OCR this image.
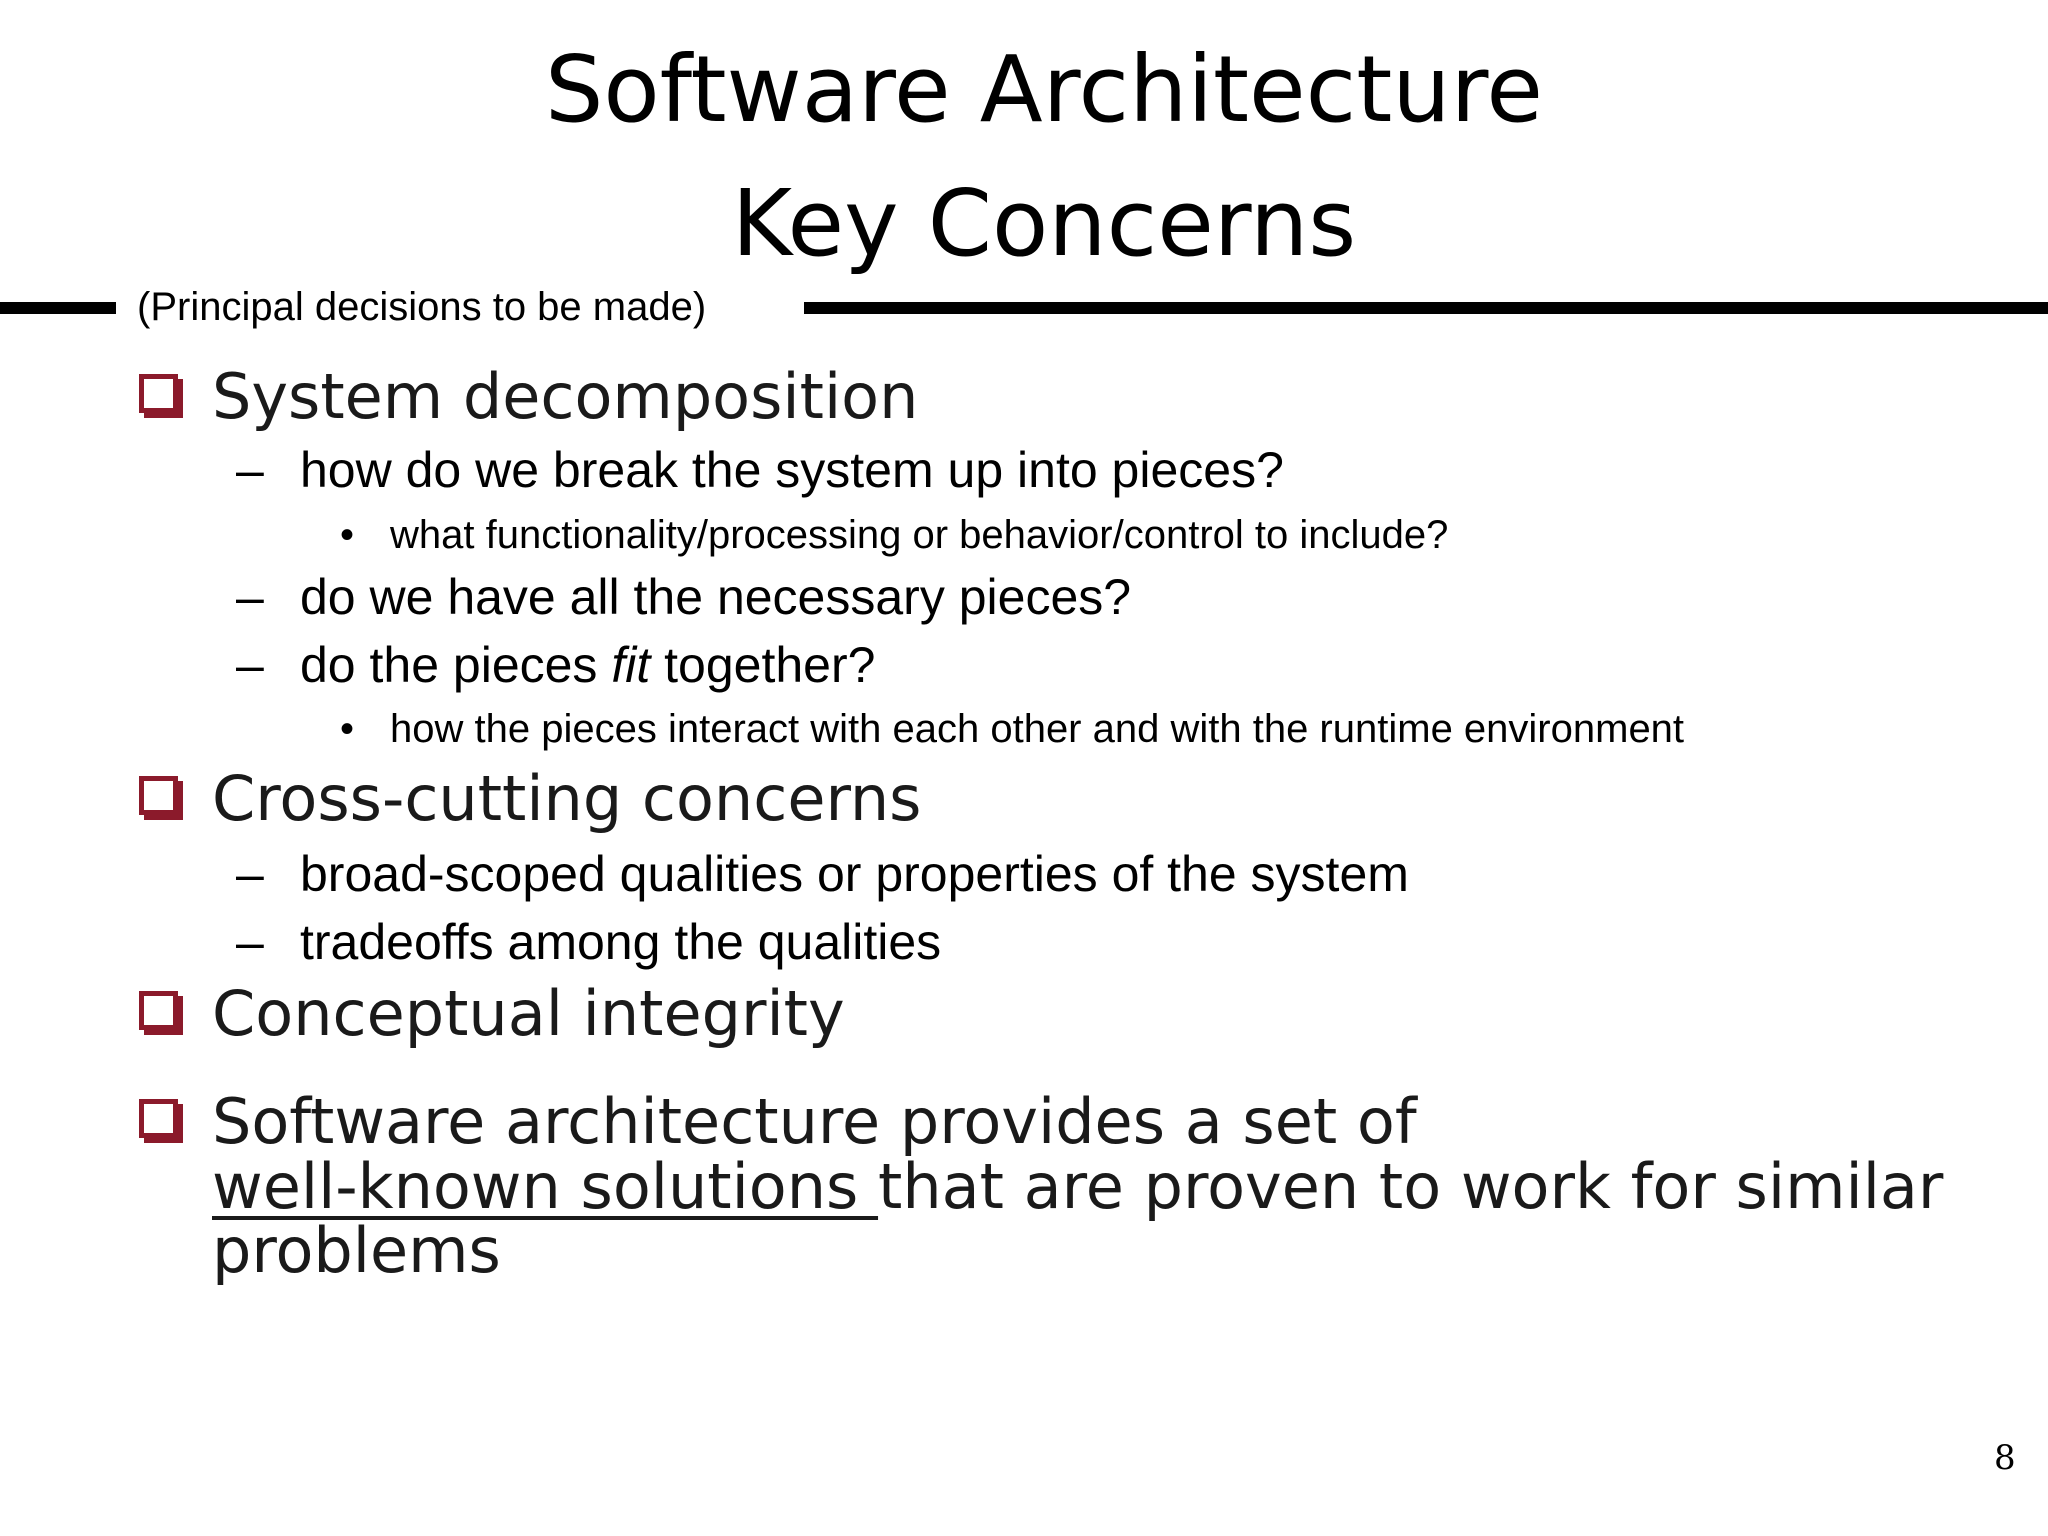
Software Architecture
Key Concerns
(Principal decisions to be made)
System decomposition
– how do we break the system up into pieces?
• what functionality/processing or behavior/control to include?
– do we have all the necessary pieces?
– do the pieces fit together?
• how the pieces interact with each other and with the runtime environment
Cross-cutting concerns
– broad-scoped qualities or properties of the system
– tradeoffs among the qualities
Conceptual integrity
Software architecture provides a set of
well-known solutions that are proven to work for similar
problems
8
